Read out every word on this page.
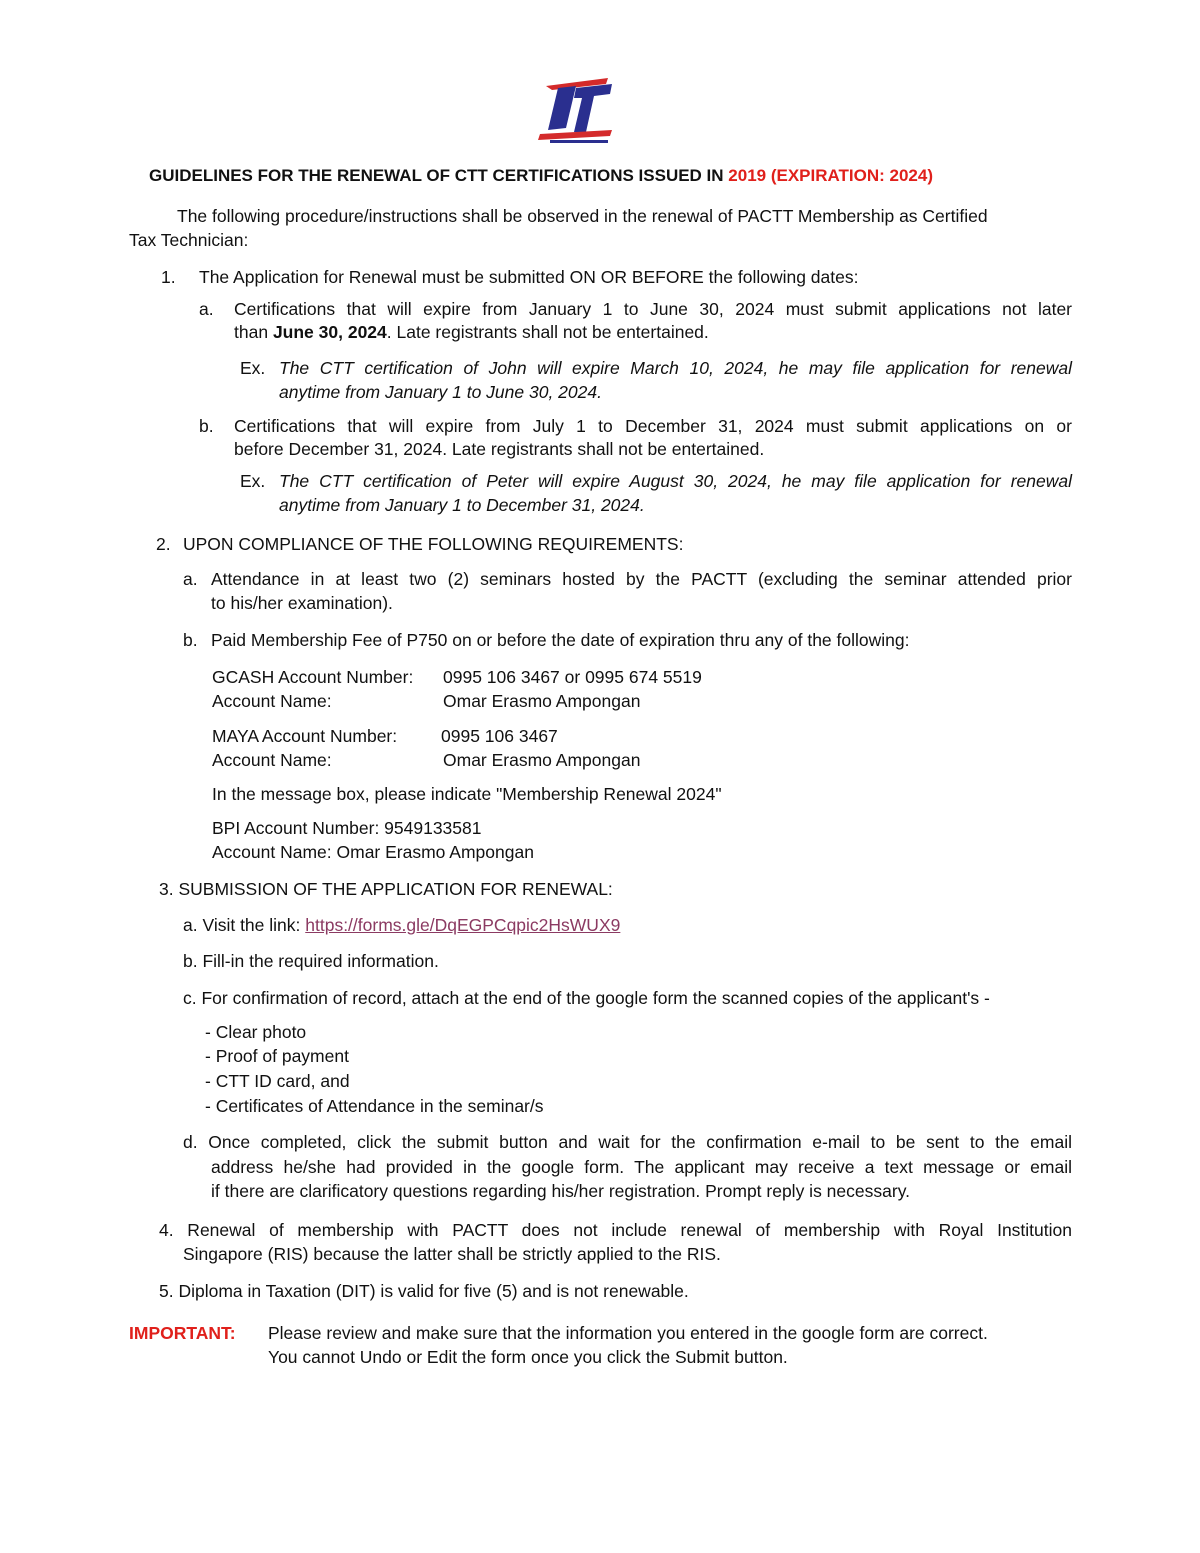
GUIDELINES FOR THE RENEWAL OF CTT CERTIFICATIONS ISSUED IN 2019 (EXPIRATION: 2024)
The following procedure/instructions shall be observed in the renewal of PACTT Membership as Certified
Tax Technician:
1. The Application for Renewal must be submitted ON OR BEFORE the following dates:
a. Certifications that will expire from January 1 to June 30, 2024 must submit applications not later
than June 30, 2024. Late registrants shall not be entertained.
Ex. The CTT certification of John will expire March 10, 2024, he may file application for renewal
anytime from January 1 to June 30, 2024.
b. Certifications that will expire from July 1 to December 31, 2024 must submit applications on or
before December 31, 2024. Late registrants shall not be entertained.
Ex. The CTT certification of Peter will expire August 30, 2024, he may file application for renewal
anytime from January 1 to December 31, 2024.
2. UPON COMPLIANCE OF THE FOLLOWING REQUIREMENTS:
a. Attendance in at least two (2) seminars hosted by the PACTT (excluding the seminar attended prior
to his/her examination).
b. Paid Membership Fee of P750 on or before the date of expiration thru any of the following:
GCASH Account Number: 0995 106 3467 or 0995 674 5519
Account Name:	Omar Erasmo Ampongan
MAYA Account Number:	0995 106 3467
Account Name:	Omar Erasmo Ampongan
In the message box, please indicate "Membership Renewal 2024"
BPI Account Number: 9549133581
Account Name: Omar Erasmo Ampongan
3. SUBMISSION OF THE APPLICATION FOR RENEWAL:
a. Visit the link: https://forms.gle/DqEGPCqpic2HsWUX9
b. Fill-in the required information.
c. For confirmation of record, attach at the end of the google form the scanned copies of the applicant's -
- Clear photo
- Proof of payment
- CTT ID card, and
- Certificates of Attendance in the seminar/s
d. Once completed, click the submit button and wait for the confirmation e-mail to be sent to the email
address he/she had provided in the google form. The applicant may receive a text message or email
if there are clarificatory questions regarding his/her registration. Prompt reply is necessary.
4. Renewal of membership with PACTT does not include renewal of membership with Royal Institution
Singapore (RIS) because the latter shall be strictly applied to the RIS.
5. Diploma in Taxation (DIT) is valid for five (5) and is not renewable.
IMPORTANT: Please review and make sure that the information you entered in the google form are correct.
You cannot Undo or Edit the form once you click the Submit button.
